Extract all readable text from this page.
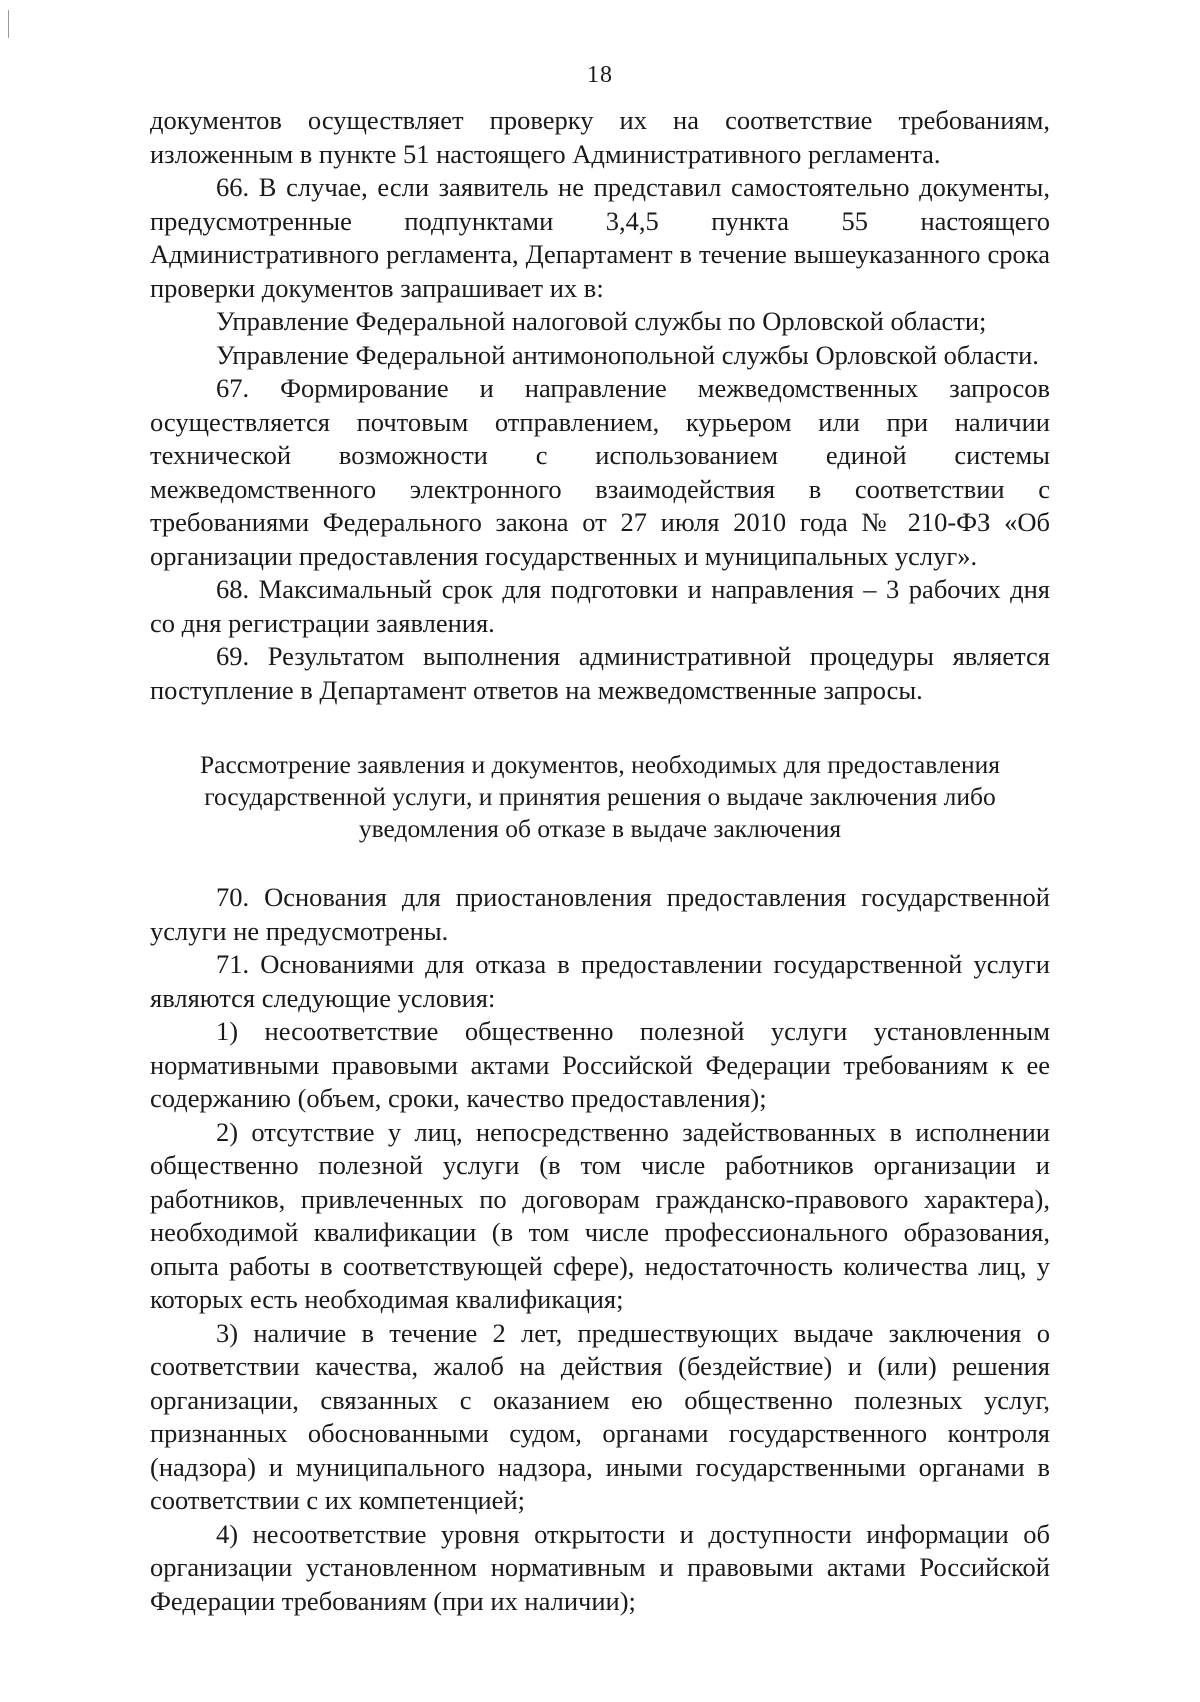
18

документов осуществляет проверку их на соответствие требованиям, изложенным в пункте 51 настоящего Административного регламента.

66. В случае, если заявитель не представил самостоятельно документы, предусмотренные подпунктами 3,4,5 пункта 55 настоящего Административного регламента, Департамент в течение вышеуказанного срока проверки документов запрашивает их в:

Управление Федеральной налоговой службы по Орловской области;

Управление Федеральной антимонопольной службы Орловской области.

67. Формирование и направление межведомственных запросов осуществляется почтовым отправлением, курьером или при наличии технической возможности с использованием единой системы межведомственного электронного взаимодействия в соответствии с требованиями Федерального закона от 27 июля 2010 года № 210-ФЗ «Об организации предоставления государственных и муниципальных услуг».

68. Максимальный срок для подготовки и направления – 3 рабочих дня со дня регистрации заявления.

69. Результатом выполнения административной процедуры является поступление в Департамент ответов на межведомственные запросы.

Рассмотрение заявления и документов, необходимых для предоставления государственной услуги, и принятия решения о выдаче заключения либо уведомления об отказе в выдаче заключения

70. Основания для приостановления предоставления государственной услуги не предусмотрены.

71. Основаниями для отказа в предоставлении государственной услуги являются следующие условия:

1) несоответствие общественно полезной услуги установленным нормативными правовыми актами Российской Федерации требованиям к ее содержанию (объем, сроки, качество предоставления);

2) отсутствие у лиц, непосредственно задействованных в исполнении общественно полезной услуги (в том числе работников организации и работников, привлеченных по договорам гражданско-правового характера), необходимой квалификации (в том числе профессионального образования, опыта работы в соответствующей сфере), недостаточность количества лиц, у которых есть необходимая квалификация;

3) наличие в течение 2 лет, предшествующих выдаче заключения о соответствии качества, жалоб на действия (бездействие) и (или) решения организации, связанных с оказанием ею общественно полезных услуг, признанных обоснованными судом, органами государственного контроля (надзора) и муниципального надзора, иными государственными органами в соответствии с их компетенцией;

4) несоответствие уровня открытости и доступности информации об организации установленном нормативным и правовыми актами Российской Федерации требованиям (при их наличии);
